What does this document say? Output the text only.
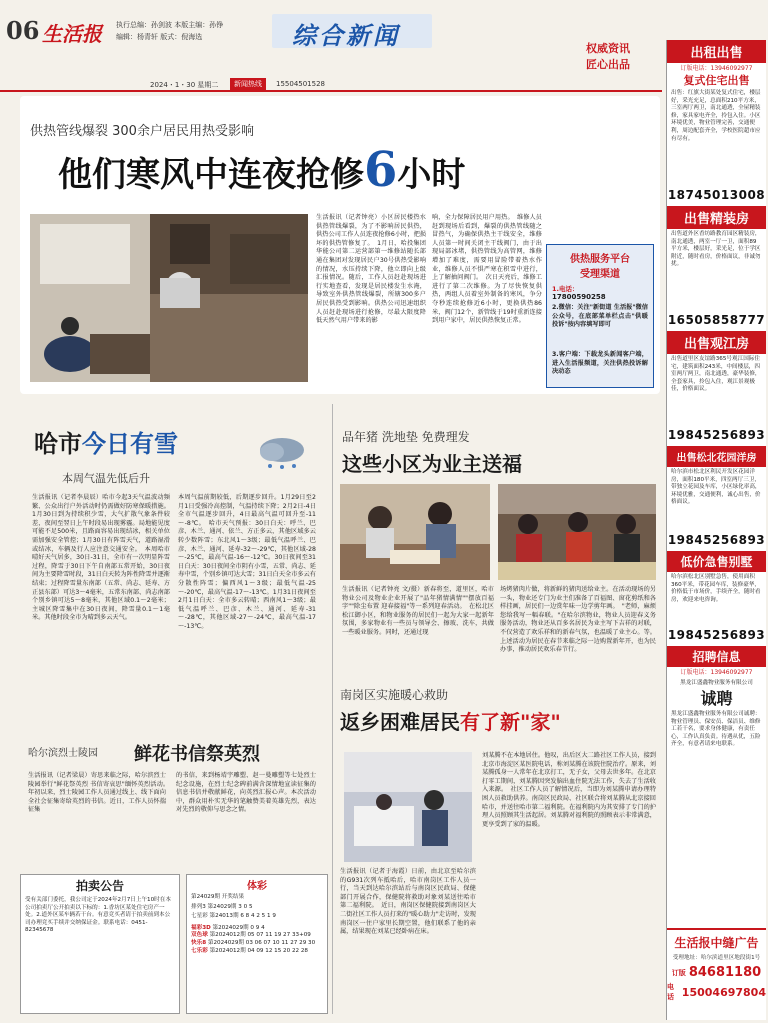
06 生活报 执行总编：孙剑波 本版主编：孙铮
编辑：杨青轩 版式：倪海选	综合新闻	权威资讯
匠心出品
2024・1・30 星期二	新闻热线	15504501528
供热管线爆裂 300余户居民用热受影响
他们寒风中连夜抢修6小时
生活报讯（记者钟亮）小区居民楼热水供热管线爆裂，为了不影响居民供热，供热公司工作人员连夜抢修6小时，把损坏的供热管修复了。　1月日，哈投集团华能公司第二运营部第一维修站随长部通在集团对发现居民户30号供热受影响的情况，水压持续下降，他立即向上级汇报情况。随后，工作人员赶赴现场进行实地查看，发现是居民楼发生水淹，导致室外供热管线爆裂，所辖300多户居民供热受到影响。供热公司迅速组织人员赶赴现场进行抢修，尽最大限度降低天然气用户带来的影
响，全力保障居民用户用热。　维修人员赶到现场后看到，爆裂的供热管线随之冒热气，为确保供热主干线安全，维修人员第一时间关闭主干线阀门，由于出现局部冰堵，供热管线为高管网，维修增加了难度，需要用冒险带着热水作业，维修人员不惧严寒在积雪中进行，上了解抽问阀门。　次日天亮后，维修工进行了第二次维修。为了尽快恢复供热，两组人员着室外制备的寒风，争分夺秒连续抢修近6小时，更换供热86米，阀门12个，新管线于19时重新连接到用户家中，居民供热恢复正常。
供热服务平台
受理渠道
1.电话：
17800590258
2.微信：关注"新街道 生活报"微信公众号，在底部菜单栏点击"供暖投诉"按内容填写即可
3.客户端：下载龙头新闻客户端，进入生活报频道，关注供热投诉解决动态
哈市今日有雪
本周气温先低后升
生活报讯（记者李晨辰）哈市今起3天气温波动频繁、公众出行户外活动时仍需做好防寒保暖措施。1月30日到为持续积少雪，大气扩散气象条件较差，夜间至翌日上午时段易出现雾霾。局地能见度可能不足500米，且路面容易出现结冰，相关单位需加强安全管控；1月30日有阵雪天气，道路湿滑或结冰，车辆及行人应注意交通安全。　本周哈市晴好天气居多，30日-31日，全市有一次明显阵雪过程，降雪于30日下午自南部五常开始，30日夜间为主要降雪时段，31日白天转为阵性降雪并逐渐结束；过程降雪量东南部（五常、尚志、延寿、方正县东部）可达3～4毫米，五常东南部、尚志南部个别乡镇可达5～8毫米，其他区域0.1～2毫米；主城区降雪集中在30日夜间，降雪量0.1～1毫米。其他时段全市为晴到多云天气。
本周气温前期较低，后期逐步回升。1月29日至2月1日受强冷高控制，气温持续下降；2月2日-4日全市气温逐步回升，4日最高气温可回升至-11～-8℃。　哈市天气预报：30日白天：呼兰、巴彦、木兰、通河、依兰、方正多云，其他区域多云转少数阵雪；东北风1～3级；最低气温呼兰、巴彦、木兰、通河、延寿-32～-29℃，其他区域-28～-25℃，最高气温-16～-12℃。30日夜间至31日白天：30日夜间全市阴有小雪，五常、尚志、延寿中雪，个别乡镇可达大雪；31日白天全市多云有分散性阵雪；偏西风1～3级；最低气温-25～-20℃，最高气温-17～-13℃。1月31日夜间至2月1日白天：全市多云转晴；西南风1～3级；最低气温呼兰、巴彦、木兰、通河、延寿-31～-28℃，其他区域-27～-24℃，最高气温-17～-13℃。
哈尔滨烈士陵园 鲜花书信祭英烈
生活报讯（记者梁晨）寄思来临之际，哈尔滨烈士陵园举行"鲜花祭英烈 书信寄哀思"缅怀英烈活动。　年初以来，烈士陵园工作人员通过线上、线下面向全社会征集寄给英烈的书信。近日，工作人员怀揣征集
的书信，来到杨靖宇雕塑、赵一曼雕塑等七处烈士纪念设施，在烈士纪念碑前满含深情地宣读征集的信息书信并敬献鲜花，向英烈汇报心声。本次活动中，群众用朴实无华的笔触赞美着英雄先烈，表达对先烈的敬仰与思念之情。
拍卖公告
受有关部门委托，我公司定于2024年2月7日上午10时在本公司拍卖厅公开拍卖以下标的：1.香坊区某处住宅房产一处。2.道外区某车辆若干台。有意竞买者请于拍卖前到本公司办理竞买手续并交纳保证金。联系电话：0451-82345678
体彩
第24029期 开奖结果
排列3 第24029期 3 0 5
七星彩 第24013期 6 8 4 2 5 1 9
福彩3D 第2024029期 0 9 4
双色球 第2024012期 05 07 11 19 27 33+09
快乐8 第2024029期 03 06 07 10 11 27 29 30
七乐彩 第2024012期 04 09 12 15 20 22 28
品年猪 洗地垫 免费理发
这些小区为业主送福
生活报讯（记者钟亮 文/摄）新春将至，道里区，哈市物业公司及物业企业开展了"品年猪情满情""摆放百福字""除尘布置 迎春接福"等一系列迎春活动。　在松北区松江御小区，和物业服务的居民们一起为大家一起新年氛围，多家物业有一些员与领导会、擦玻、洗车，共做一些暖业服务。同时，还通过现
场烤猪肉片做，将新鲜的猪肉送给业主。在活动现场的另一头，物业还专门为业主们准备了百福图、窗花剪纸和各样挂画，居民们一边赏年味一边学剪年画。　"老师，麻烦您给我写一幅春联。"在哈尔滨物业，物业人员迎春义务服务活动，物业还从百多名居民为业主写下吉祥的对联，不仅营造了欢乐祥和的新春气氛，也温暖了业主心。等。上述活动为居民在春节来临之际一边购置新年开，也为民办事，推动居民欢乐春节行。
南岗区实施暖心救助
返乡困难居民有了新"家"
生活报讯（记者于海霞）日前，由北京至哈尔滨的G931次列车抵哈后，哈市南岗区工作人员一行，当天到达哈尔滨站后与南岗区民政局、保健部门开展合作，保健院将救助对象刘某送往哈市第二福利院。　近日，南岗区保健院接到南岗区大二街社区工作人员打来的"暖心助力"走访时，发现南岗区一住户家里长期空置，他们联系了他的亲属，结果现在刘某已经卧病在床。
刘某腾不在本地居住。他叹，出后区大二路社区工作人员，接到北京市海淀区某医院电话，称刘某腾在该院住院治疗。原来，刘某腾孤身一人常年在北京打工，无子女，父母去世多年。在北京打零工期间，刘某腾因突发脑出血住院无法工作，失去了生活收入来源。　社区工作人员了解情况后，当即为刘某腾申请办理特困人员救助供养。南岗区民政局、社区联合将刘某腾从北京接回哈市，并送往哈市第二福利院。在福利院内为其安排了专门的护理人员照顾其生活起居。刘某腾对福利院的照顾表示非常满意，更享受到了家的温暖。
出租出售
订版电话：13946092977
复式住宅出售
出售：红旗大街某处复式住宅，楼层好，采光充足，总面积210平方米，三室两厅两卫，南北通透，全屋精装修，家具家电齐全，拎包入住。小区环境优美，物业管理完善，交通便利，周边配套齐全，学校医院超市应有尽有。
18745013008
出售精装房
出售道外区香坊路教育园区精装房，南北通透，两室一厅一卫，面积89平方米，楼层好，采光足，位于学区附近，随时看房，价格面议，非诚勿扰。
16505858777
出售观江房
出售道里区友谊路365号观江国际住宅，建筑面积243米，中间楼层，四室两厅两卫，南北通透，豪华装修，全套家具，拎包入住，观江景观极佳，价格面议。
19845256893
出售松北花园洋房
哈尔滨市松北区利民开发区花园洋房，面积180平米，四室两厅三卫，带独立花园及车库，小区绿化率高，环境优雅，交通便利，诚心出售，价格面议。
19845256893
低价急售别墅
哈尔滨松北区别墅急售，使用面积360平米，带花园车库，装修豪华，价格低于市场价，手续齐全，随时看房，欢迎来电咨询。
19845256893
招聘信息
订版电话：13946092977
黑龙江盛鑫物业服务有限公司
诚聘
黑龙江盛鑫物业服务有限公司诚聘：物业管理员、保安员、保洁员、维修工若干名，要求身体健康，有责任心，工作认真负责。待遇从优，五险齐全，有意者请来电联系。
生活报中缝广告
受理地址：哈尔滨道里区地段街1号
订版 84681180
电话 15004697804
